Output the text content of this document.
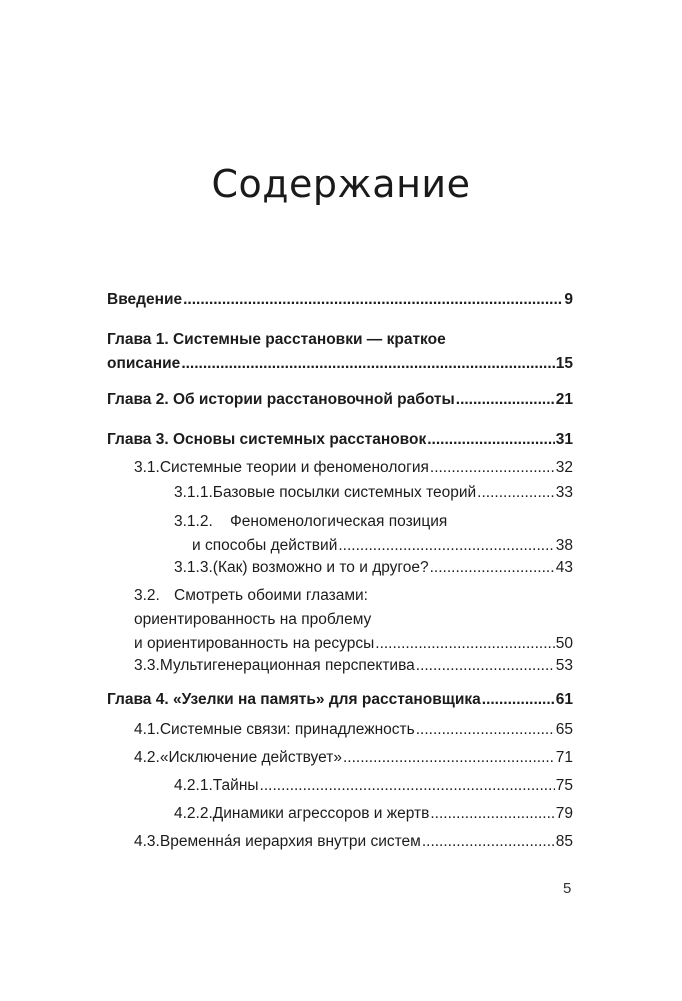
Содержание
Введение .....	9
Глава 1. Системные расстановки — краткое
описание .....	15
Глава 2. Об истории расстановочной работы .....	21
Глава 3. Основы системных расстановок .....	31
3.1. Системные теории и феноменология .....	32
3.1.1. Базовые посылки системных теорий .....	33
3.1.2. Феноменологическая позиция
и способы действий .....	38
3.1.3. (Как) возможно и то и другое? .....	43
3.2. Смотреть обоими глазами:
ориентированность на проблему
и ориентированность на ресурсы .....	50
3.3. Мультигенерационная перспектива .....	53
Глава 4. «Узелки на память» для расстановщика .....	61
4.1. Системные связи: принадлежность .....	65
4.2. «Исключение действует» .....	71
4.2.1. Тайны .....	75
4.2.2. Динамики агрессоров и жертв .....	79
4.3. Временна́я иерархия внутри систем .....	85
5
